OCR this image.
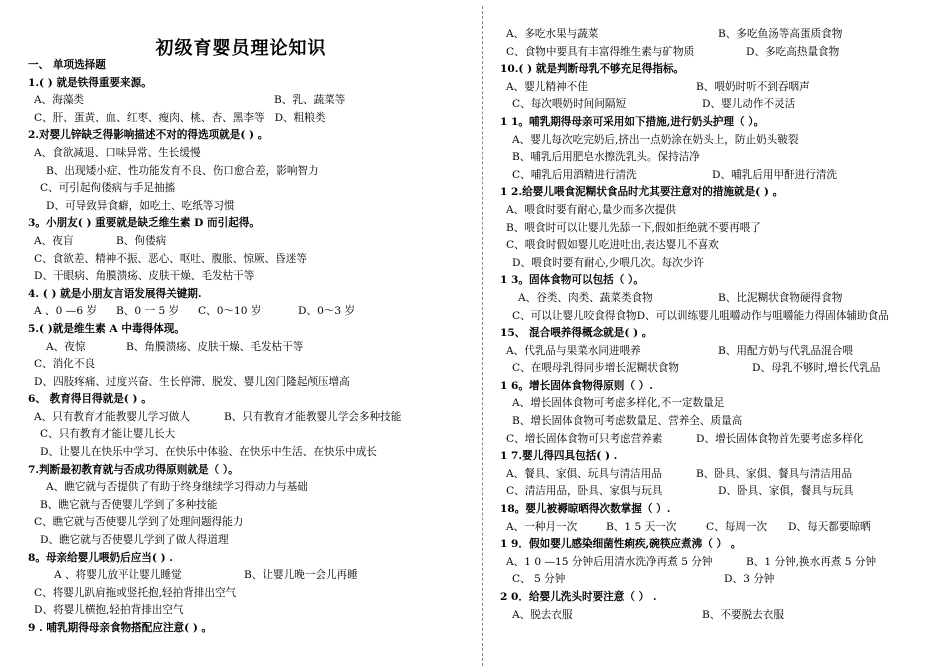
初级育婴员理论知识
一、 单项选择题
1.( ) 就是铁得重要来源。
A、海藻类	B、乳、蔬菜等
C、肝、蛋黄、血、红枣、瘦肉、桃、杏、黑李等 D、粗粮类
2.对婴儿锌缺乏得影响描述不对的得选项就是( ) 。
A、食欲减退、口味异常、生长缓慢
B、出现矮小症、性功能发育不良、伤口愈合差，影响智力
C、可引起佝偻病与手足抽搐
D、可导致异食癖，如吃土、吃纸等习惯
3。小朋友( ) 重要就是缺乏维生素 D 而引起得。
A、夜盲	B、佝偻病
C、食欲差、精神不振、恶心、呕吐、腹胀、惊厥、昏迷等
D、干眼病、角膜溃疡、皮肤干燥、毛发枯干等
4. ( ) 就是小朋友言语发展得关键期.
A 、0 —6 岁	B、0 一 5 岁	C、0～10 岁	D、0～3 岁
5.( )就是维生素 A 中毒得体现。
A、夜惊	B、角膜溃疡、皮肤干燥、毛发枯干等
C、消化不良
D、四肢疼痛、过度兴奋、生长停滞、脱发、婴儿囟门隆起颅压增高
6、 教育得目得就是( ) 。
A、只有教育才能教婴儿学习做人	B、只有教育才能教婴儿学会多种技能
C、只有教育才能让婴儿长大
D、让婴儿在快乐中学习、在快乐中体验、在快乐中生活、在快乐中成长
7.判断最初教育就与否成功得原则就是（ ）。
A、瞧它就与否提供了有助于终身继续学习得动力与基础
B、瞧它就与否使婴儿学到了多种技能
C、瞧它就与否使婴儿学到了处理问题得能力
D、瞧它就与否使婴儿学到了做人得道理
8。母亲给婴儿喂奶后应当( ) .
A 、将婴儿放平让婴儿睡觉	B、让婴儿晚一会儿再睡
C、将婴儿趴肩拖或竖托抱,轻拍背排出空气
D、将婴儿横抱,轻拍背排出空气
9 . 哺乳期得母亲食物搭配应注意( ) 。
A、多吃水果与蔬菜	B、多吃鱼汤等高蛋质食物
C、食物中要具有丰富得维生素与矿物质	D、多吃高热量食物
10.( ) 就是判断母乳不够充足得指标。
A、婴儿精神不佳	B、喂奶时听不到吞咽声
C、每次喂奶时间间隔短	D、婴儿动作不灵活
1 1。哺乳期得母亲可采用如下措施,进行奶头护理（ ）。
A、婴儿每次吃完奶后,挤出一点奶涂在奶头上，防止奶头皲裂
B、哺乳后用肥皂水擦洗乳头。保持洁净
C、哺乳后用酒精进行清洗	D、哺乳后用甲酐进行清洗
1 2.给婴儿喂食泥糊状食品时尤其要注意对的措施就是( ) 。
A、喂食时要有耐心,量少而多次提供
B、喂食时可以让婴儿先舔一下,假如拒绝就不要再喂了
C、喂食时假如婴儿吃进吐出,表达婴儿不喜欢
D、喂食时要有耐心,少喂几次。每次少许
1 3。固体食物可以包括（ ）。
A、谷类、肉类、蔬菜类食物	B、比泥糊状食物硬得食物
C、可以让婴儿咬食得食物D、可以训练婴儿咀嚼动作与咀嚼能力得固体辅助食品
15、 混合喂养得概念就是( ) 。
A、代乳品与果菜水同进喂养	B、用配方奶与代乳品混合喂
C、在喂母乳得同步增长泥糊状食物	D、母乳不够时,增长代乳品
1 6。增长固体食物得原则（ ）.
A、增长固体食物可考虑多样化,不一定数量足
B、增长固体食物可考虑数量足、营养全、质量高
C、增长固体食物可只考虑营养素	D、增长固体食物首先要考虑多样化
1 7.婴儿得四具包括( ) .
A、餐具、家俱、玩具与清洁用品	B、卧具、家俱、餐具与清洁用品
C、清洁用品，卧具、家俱与玩具	D、卧具、家俱，餐具与玩具
18。婴儿被褥晾晒得次数掌握（ ）.
A、一种月一次	B、1 5 天一次	C、每周一次	D、每天都要晾晒
1 9．假如婴儿感染细菌性痢疾,碗筷应煮沸（ ） 。
A、1 0 —15 分钟后用清水洗净再煮 5 分钟	B、1 分钟,换水再煮 5 分钟
C、 5 分钟	D、3 分钟
2 0．给婴儿洗头时要注意（ ） .
A、脱去衣服	B、不要脱去衣服
